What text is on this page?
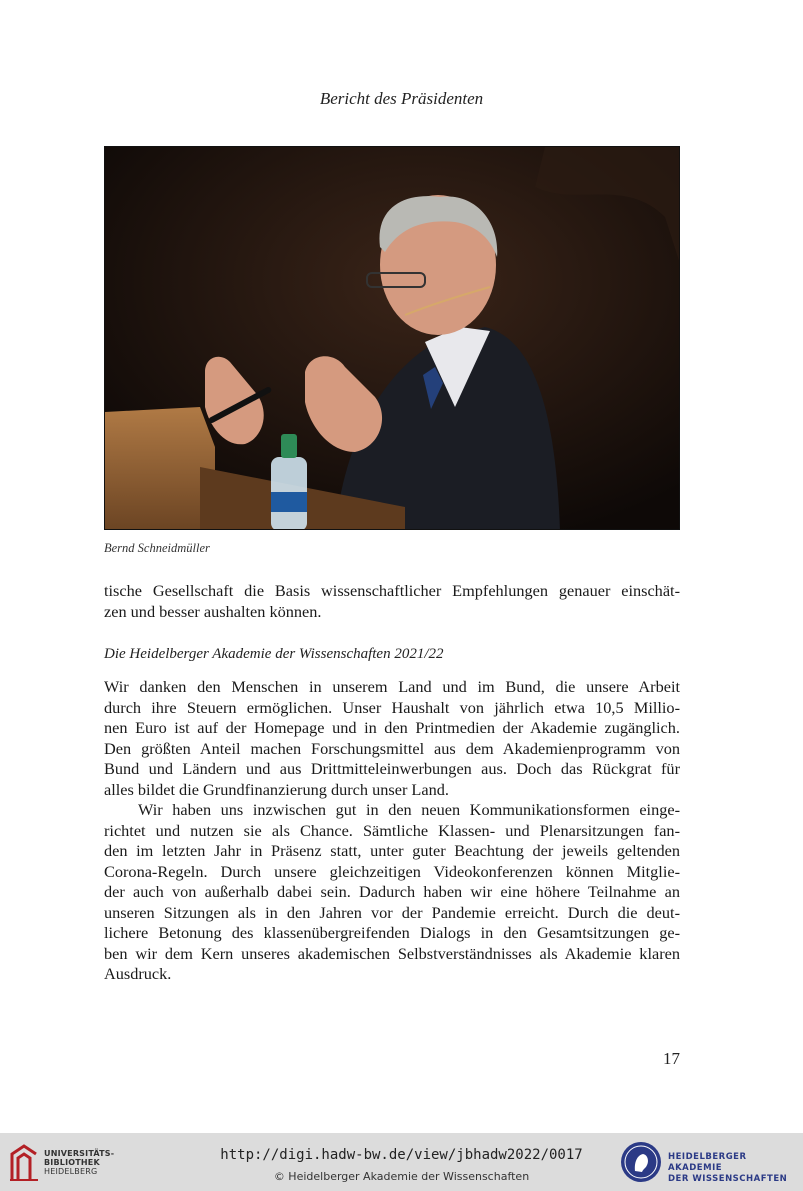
Bericht des Präsidenten
Bernd Schneidmüller

tische Gesellschaft die Basis wissenschaftlicher Empfehlungen genauer einschät-

zen und besser aushalten können.

Die Heidelberger Akademie der Wissenschaften 2021/22

Wir danken den Menschen in unserem Land und im Bund, die unsere Arbeit

durch ihre Steuern ermöglichen. Unser Haushalt von jährlich etwa 10,5 Millio-

nen Euro ist auf der Homepage und in den Printmedien der Akademie zugänglich.

Den größten Anteil machen Forschungsmittel aus dem Akademienprogramm von

Bund und Ländern und aus Drittmitteleinwerbungen aus. Doch das Rückgrat für

alles bildet die Grundfinanzierung durch unser Land.

Wir haben uns inzwischen gut in den neuen Kommunikationsformen einge-

richtet und nutzen sie als Chance. Sämtliche Klassen- und Plenarsitzungen fan-

den im letzten Jahr in Präsenz statt, unter guter Beachtung der jeweils geltenden

Corona-Regeln. Durch unsere gleichzeitigen Videokonferenzen können Mitglie-

der auch von außerhalb dabei sein. Dadurch haben wir eine höhere Teilnahme an

unseren Sitzungen als in den Jahren vor der Pandemie erreicht. Durch die deut-

lichere Betonung des klassenübergreifenden Dialogs in den Gesamtsitzungen ge-

ben wir dem Kern unseres akademischen Selbstverständnisses als Akademie klaren

Ausdruck.

17
UNIVERSITÄTS-
BIBLIOTHEK
HEIDELBERG
http://digi.hadw-bw.de/view/jbhadw2022/0017
© Heidelberger Akademie der Wissenschaften
HEIDELBERGER AKADEMIE
DER WISSENSCHAFTEN
